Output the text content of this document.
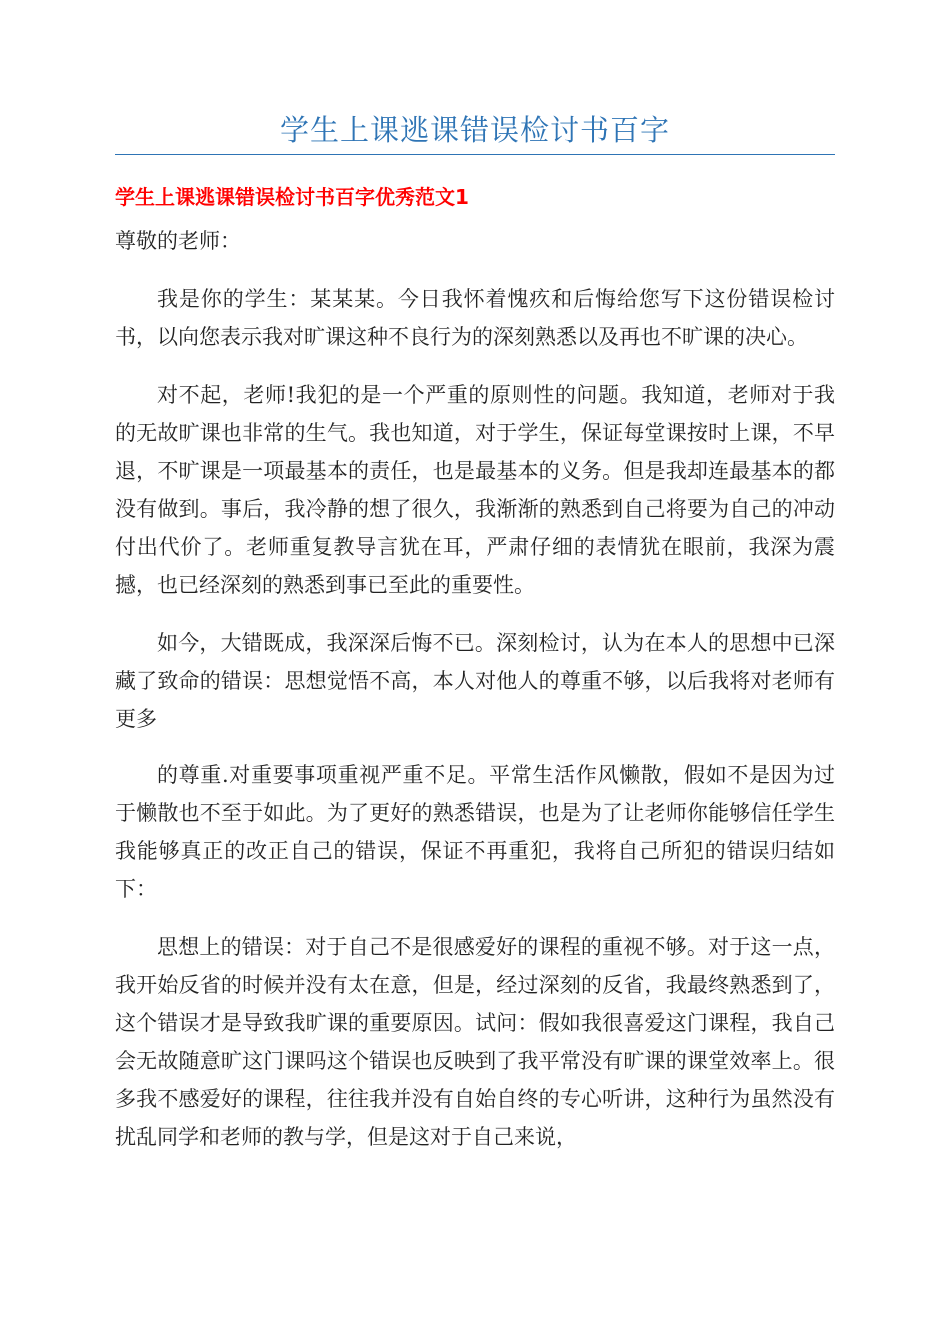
学生上课逃课错误检讨书百字
学生上课逃课错误检讨书百字优秀范文1

尊敬的老师：

我是你的学生：某某某。今日我怀着愧疚和后悔给您写下这份错误检讨书，以向您表示我对旷课这种不良行为的深刻熟悉以及再也不旷课的决心。

对不起，老师!我犯的是一个严重的原则性的问题。我知道，老师对于我的无故旷课也非常的生气。我也知道，对于学生，保证每堂课按时上课，不早退，不旷课是一项最基本的责任，也是最基本的义务。但是我却连最基本的都没有做到。事后，我冷静的想了很久，我渐渐的熟悉到自己将要为自己的冲动付出代价了。老师重复教导言犹在耳，严肃仔细的表情犹在眼前，我深为震撼，也已经深刻的熟悉到事已至此的重要性。

如今，大错既成，我深深后悔不已。深刻检讨，认为在本人的思想中已深藏了致命的错误：思想觉悟不高，本人对他人的尊重不够，以后我将对老师有更多

的尊重.对重要事项重视严重不足。平常生活作风懒散，假如不是因为过于懒散也不至于如此。为了更好的熟悉错误，也是为了让老师你能够信任学生我能够真正的改正自己的错误，保证不再重犯，我将自己所犯的错误归结如下：

思想上的错误：对于自己不是很感爱好的课程的重视不够。对于这一点，我开始反省的时候并没有太在意，但是，经过深刻的反省，我最终熟悉到了，这个错误才是导致我旷课的重要原因。试问：假如我很喜爱这门课程，我自己会无故随意旷这门课吗这个错误也反映到了我平常没有旷课的课堂效率上。很多我不感爱好的课程，往往我并没有自始自终的专心听讲，这种行为虽然没有扰乱同学和老师的教与学，但是这对于自己来说，
